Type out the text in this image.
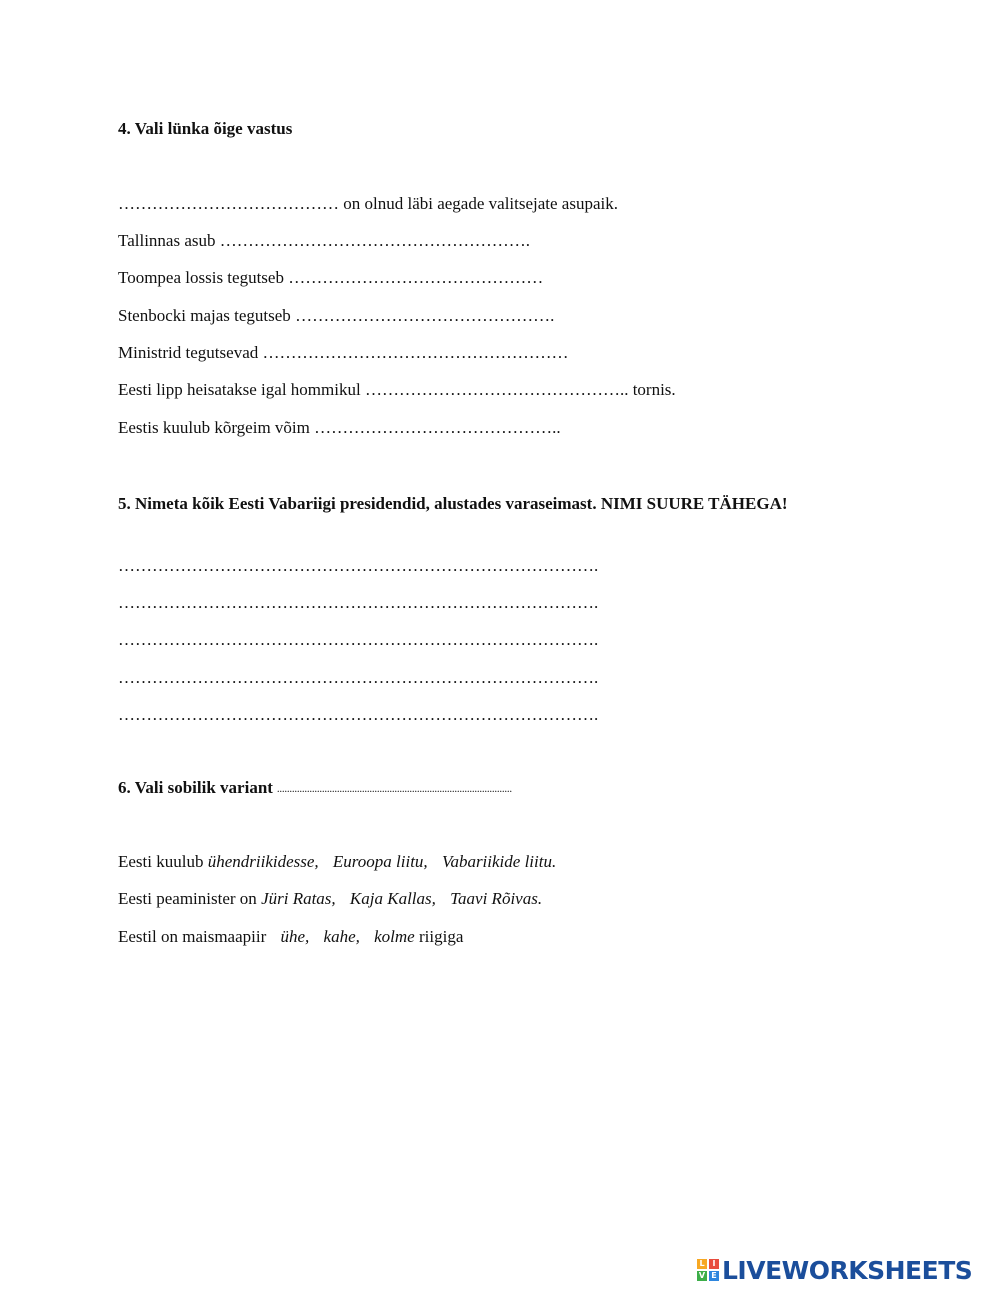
4. Vali lünka õige vastus
………………………………… on olnud läbi aegade valitsejate asupaik.
Tallinnas asub ……………………………………………….
Toompea lossis tegutseb ………………………………………
Stenbocki majas tegutseb ……………………………………….
Ministrid tegutsevad ………………………………………………
Eesti lipp heisatakse igal hommikul ……………………………………….. tornis.
Eestis kuulub kõrgeim võim ……………………………………..
5. Nimeta kõik Eesti Vabariigi presidendid, alustades varaseimast. NIMI SUURE TÄHEGA!
………………………………………………………………………….
………………………………………………………………………….
………………………………………………………………………….
………………………………………………………………………….
………………………………………………………………………….
6. Vali sobilik variant ..............................................................................................
Eesti kuulub ühendriikidesse, Euroopa liitu, Vabariikide liitu.
Eesti peaminister on Jüri Ratas, Kaja Kallas, Taavi Rõivas.
Eestil on maismaapiir ühe, kahe, kolme riigiga
L I
V E LIVEWORKSHEETS
